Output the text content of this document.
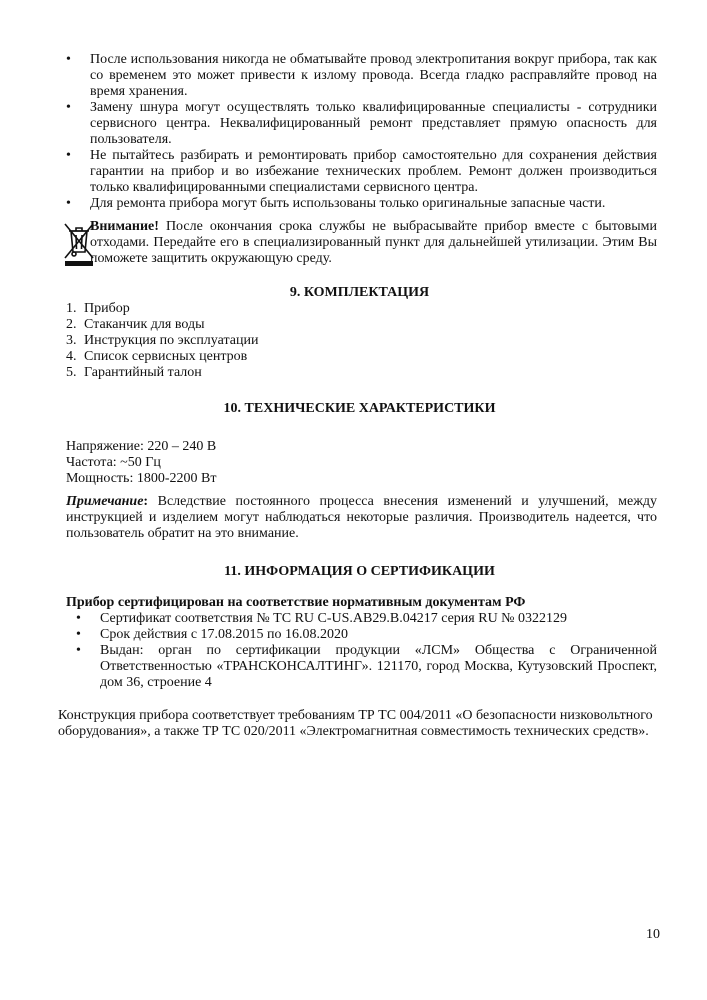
• После использования никогда не обматывайте провод электропитания вокруг прибора, так как со временем это может привести к излому провода. Всегда гладко расправляйте провод на время хранения.

• Замену шнура могут осуществлять только квалифицированные специалисты - сотрудники сервисного центра. Неквалифицированный ремонт представляет прямую опасность для пользователя.

• Не пытайтесь разбирать и ремонтировать прибор самостоятельно для сохранения действия гарантии на прибор и во избежание технических проблем. Ремонт должен производиться только квалифицированными специалистами сервисного центра.

• Для ремонта прибора могут быть использованы только оригинальные запасные части.

Внимание! После окончания срока службы не выбрасывайте прибор вместе с бытовыми отходами. Передайте его в специализированный пункт для дальнейшей утилизации. Этим Вы поможете защитить окружающую среду.
9. КОМПЛЕКТАЦИЯ

1. Прибор

2. Стаканчик для воды

3. Инструкция по эксплуатации

4. Список сервисных центров

5. Гарантийный талон

10. ТЕХНИЧЕСКИЕ ХАРАКТЕРИСТИКИ
Напряжение: 220 – 240 В
Частота: ~50 Гц
Мощность: 1800-2200 Вт
Примечание: Вследствие постоянного процесса внесения изменений и улучшений, между инструкцией и изделием могут наблюдаться некоторые различия. Производитель надеется, что пользователь обратит на это внимание.
11. ИНФОРМАЦИЯ О СЕРТИФИКАЦИИ
Прибор сертифицирован на соответствие нормативным документам РФ

• Сертификат соответствия № ТС RU C-US.АВ29.В.04217 серия RU № 0322129

• Срок действия с 17.08.2015 по 16.08.2020

• Выдан: орган по сертификации продукции «ЛСМ» Общества с Ограниченной Ответственностью «ТРАНСКОНСАЛТИНГ». 121170, город Москва, Кутузовский Проспект, дом 36, строение 4

Конструкция прибора соответствует требованиям ТР ТС 004/2011 «О безопасности низковольтного оборудования», а также ТР ТС 020/2011 «Электромагнитная совместимость технических средств».
10
